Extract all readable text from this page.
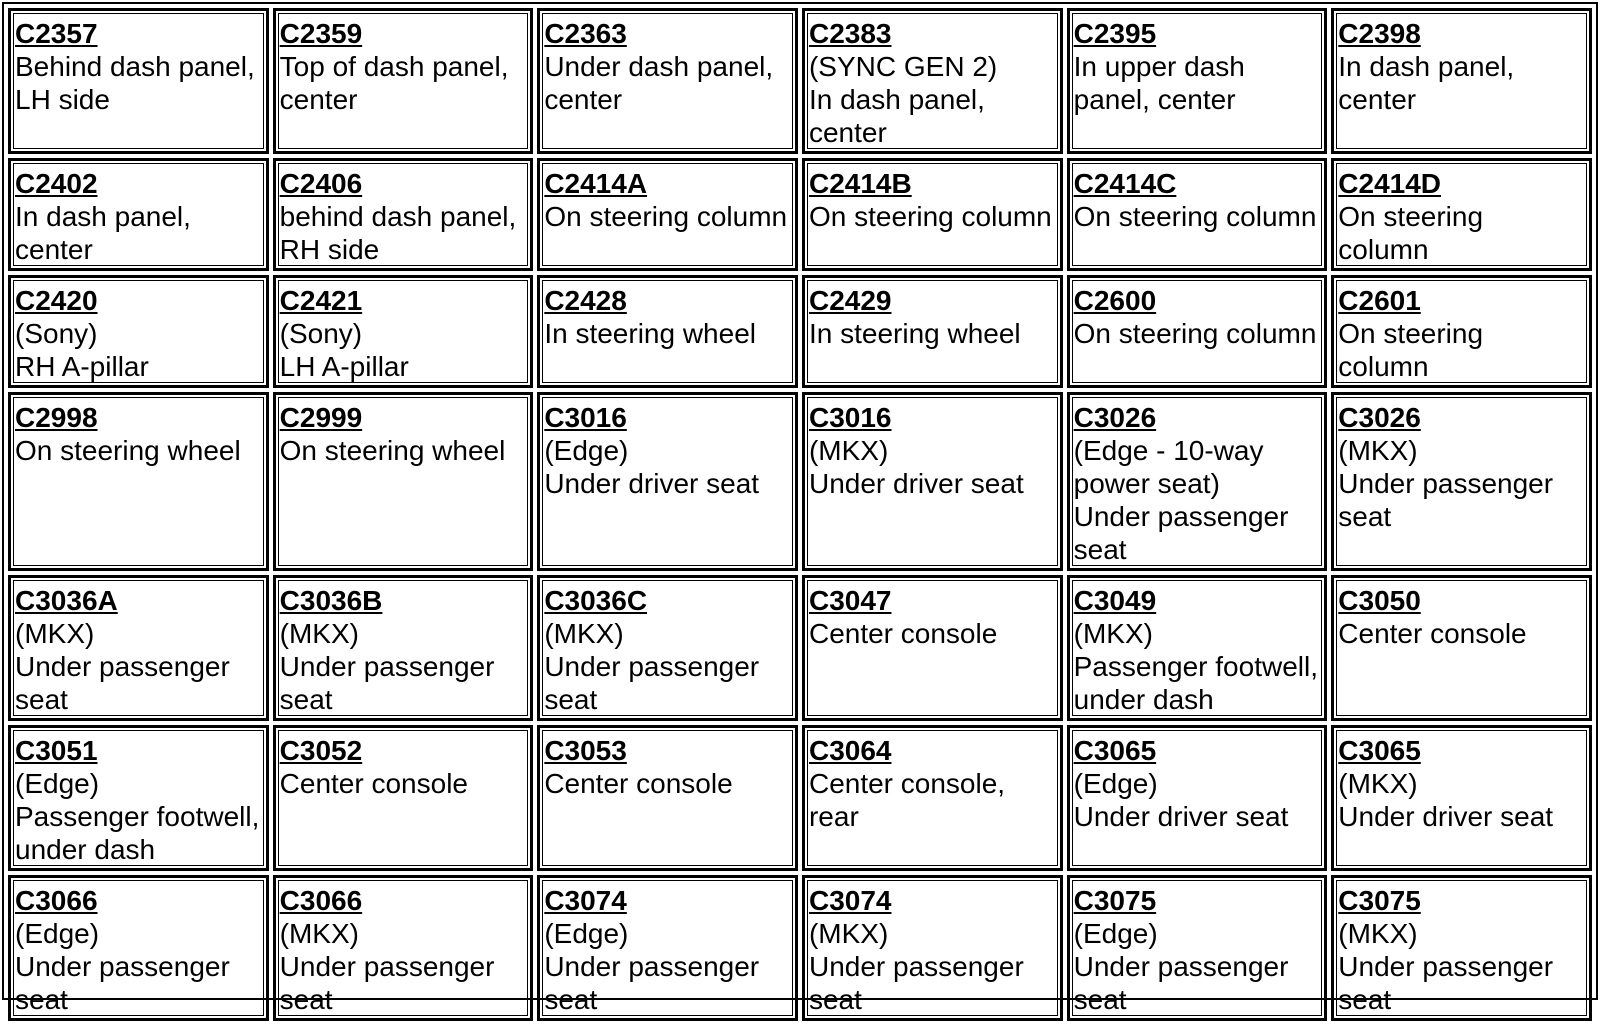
C2357
Behind dash panel,
LH side	C2359
Top of dash panel,
center	C2363
Under dash panel,
center	C2383
(SYNC GEN 2)
In dash panel,
center	C2395
In upper dash
panel, center	C2398
In dash panel,
center

C2402
In dash panel,
center	C2406
behind dash panel,
RH side	C2414A
On steering column	C2414B
On steering column	C2414C
On steering column	C2414D
On steering
column

C2420
(Sony)
RH A-pillar	C2421
(Sony)
LH A-pillar	C2428
In steering wheel	C2429
In steering wheel	C2600
On steering column	C2601
On steering
column

C2998
On steering wheel	C2999
On steering wheel	C3016
(Edge)
Under driver seat	C3016
(MKX)
Under driver seat	C3026
(Edge - 10-way
power seat)
Under passenger
seat	C3026
(MKX)
Under passenger
seat

C3036A
(MKX)
Under passenger
seat	C3036B
(MKX)
Under passenger
seat	C3036C
(MKX)
Under passenger
seat	C3047
Center console	C3049
(MKX)
Passenger footwell,
under dash	C3050
Center console

C3051
(Edge)
Passenger footwell,
under dash	C3052
Center console	C3053
Center console	C3064
Center console,
rear	C3065
(Edge)
Under driver seat	C3065
(MKX)
Under driver seat

C3066
(Edge)
Under passenger
seat	C3066
(MKX)
Under passenger
seat	C3074
(Edge)
Under passenger
seat	C3074
(MKX)
Under passenger
seat	C3075
(Edge)
Under passenger
seat	C3075
(MKX)
Under passenger
seat
